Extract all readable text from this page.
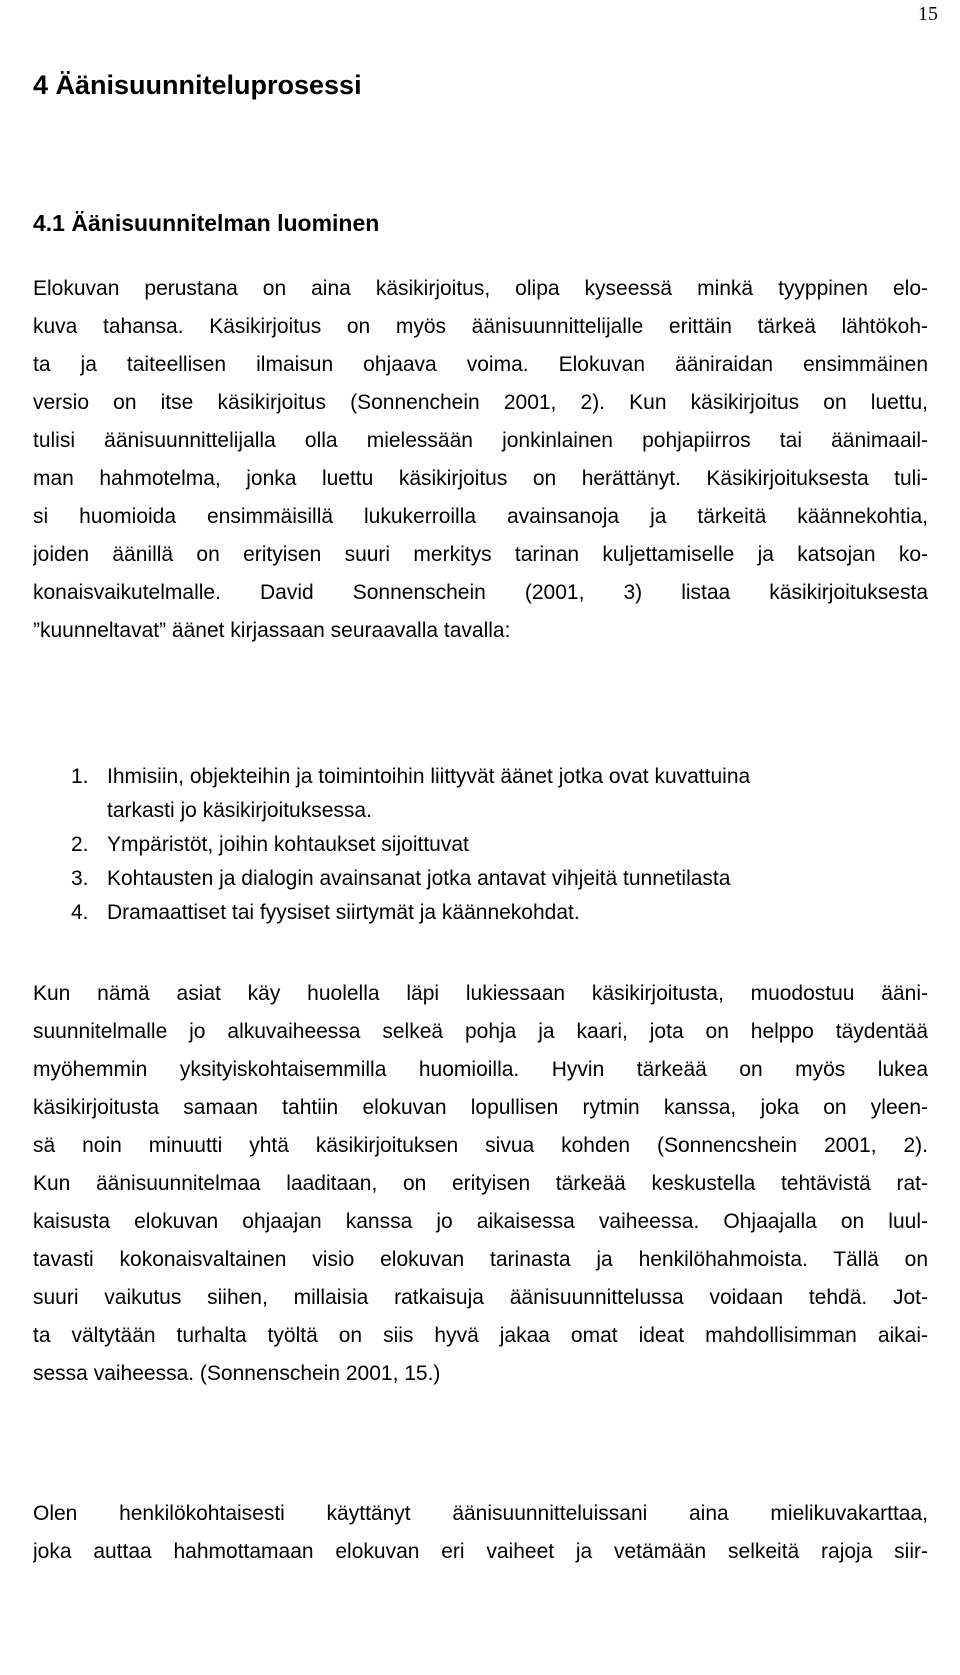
15
4 Äänisuunniteluprosessi
4.1 Äänisuunnitelman luominen
Elokuvan perustana on aina käsikirjoitus, olipa kyseessä minkä tyyppinen elo-
kuva tahansa. Käsikirjoitus on myös äänisuunnittelijalle erittäin tärkeä lähtökoh-
ta ja taiteellisen ilmaisun ohjaava voima. Elokuvan ääniraidan ensimmäinen
versio on itse käsikirjoitus (Sonnenchein 2001, 2). Kun käsikirjoitus on luettu,
tulisi äänisuunnittelijalla olla mielessään jonkinlainen pohjapiirros tai äänimaail-
man hahmotelma, jonka luettu käsikirjoitus on herättänyt. Käsikirjoituksesta tuli-
si huomioida ensimmäisillä lukukerroilla avainsanoja ja tärkeitä käännekohtia,
joiden äänillä on erityisen suuri merkitys tarinan kuljettamiselle ja katsojan ko-
konaisvaikutelmalle. David Sonnenschein (2001, 3) listaa käsikirjoituksesta
”kuunneltavat” äänet kirjassaan seuraavalla tavalla:
1. Ihmisiin, objekteihin ja toimintoihin liittyvät äänet jotka ovat kuvattuina
tarkasti jo käsikirjoituksessa.
2. Ympäristöt, joihin kohtaukset sijoittuvat
3. Kohtausten ja dialogin avainsanat jotka antavat vihjeitä tunnetilasta
4. Dramaattiset tai fyysiset siirtymät ja käännekohdat.
Kun nämä asiat käy huolella läpi lukiessaan käsikirjoitusta, muodostuu ääni-
suunnitelmalle jo alkuvaiheessa selkeä pohja ja kaari, jota on helppo täydentää
myöhemmin yksityiskohtaisemmilla huomioilla. Hyvin tärkeää on myös lukea
käsikirjoitusta samaan tahtiin elokuvan lopullisen rytmin kanssa, joka on yleen-
sä noin minuutti yhtä käsikirjoituksen sivua kohden (Sonnencshein 2001, 2).
Kun äänisuunnitelmaa laaditaan, on erityisen tärkeää keskustella tehtävistä rat-
kaisusta elokuvan ohjaajan kanssa jo aikaisessa vaiheessa. Ohjaajalla on luul-
tavasti kokonaisvaltainen visio elokuvan tarinasta ja henkilöhahmoista. Tällä on
suuri vaikutus siihen, millaisia ratkaisuja äänisuunnittelussa voidaan tehdä. Jot-
ta vältytään turhalta työltä on siis hyvä jakaa omat ideat mahdollisimman aikai-
sessa vaiheessa. (Sonnenschein 2001, 15.)
Olen henkilökohtaisesti käyttänyt äänisuunnitteluissani aina mielikuvakarttaa,
joka auttaa hahmottamaan elokuvan eri vaiheet ja vetämään selkeitä rajoja siir-
